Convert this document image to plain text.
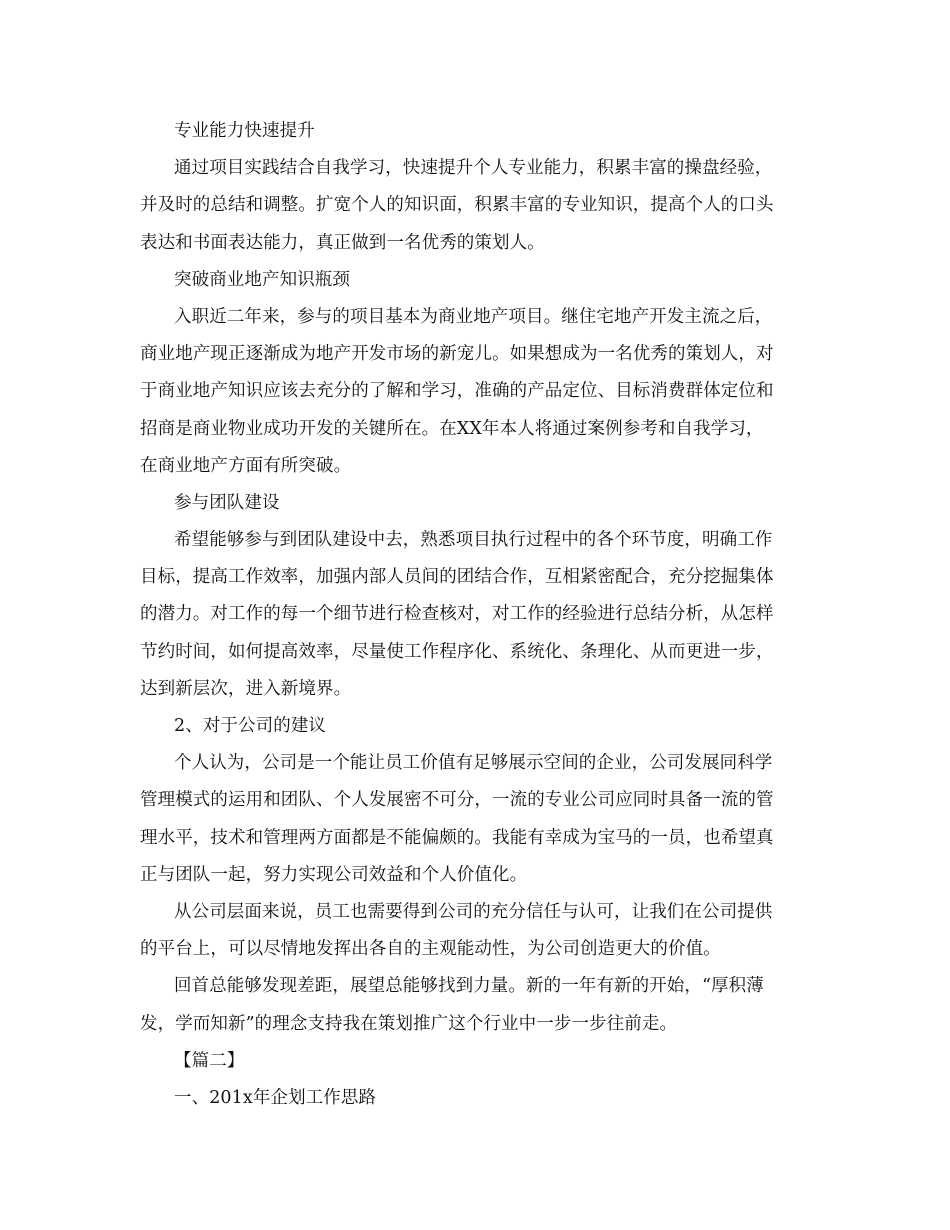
专业能力快速提升
通过项目实践结合自我学习，快速提升个人专业能力，积累丰富的操盘经验，
并及时的总结和调整。扩宽个人的知识面，积累丰富的专业知识，提高个人的口头
表达和书面表达能力，真正做到一名优秀的策划人。
突破商业地产知识瓶颈
入职近二年来，参与的项目基本为商业地产项目。继住宅地产开发主流之后，
商业地产现正逐渐成为地产开发市场的新宠儿。如果想成为一名优秀的策划人，对
于商业地产知识应该去充分的了解和学习，准确的产品定位、目标消费群体定位和
招商是商业物业成功开发的关键所在。在XX年本人将通过案例参考和自我学习，
在商业地产方面有所突破。
参与团队建设
希望能够参与到团队建设中去，熟悉项目执行过程中的各个环节度，明确工作
目标，提高工作效率，加强内部人员间的团结合作，互相紧密配合，充分挖掘集体
的潜力。对工作的每一个细节进行检查核对，对工作的经验进行总结分析，从怎样
节约时间，如何提高效率，尽量使工作程序化、系统化、条理化、从而更进一步，
达到新层次，进入新境界。
2、对于公司的建议
个人认为，公司是一个能让员工价值有足够展示空间的企业，公司发展同科学
管理模式的运用和团队、个人发展密不可分，一流的专业公司应同时具备一流的管
理水平，技术和管理两方面都是不能偏颇的。我能有幸成为宝马的一员，也希望真
正与团队一起，努力实现公司效益和个人价值化。
从公司层面来说，员工也需要得到公司的充分信任与认可，让我们在公司提供
的平台上，可以尽情地发挥出各自的主观能动性，为公司创造更大的价值。
回首总能够发现差距，展望总能够找到力量。新的一年有新的开始，“厚积薄
发，学而知新”的理念支持我在策划推广这个行业中一步一步往前走。
【篇二】
一、201x年企划工作思路
